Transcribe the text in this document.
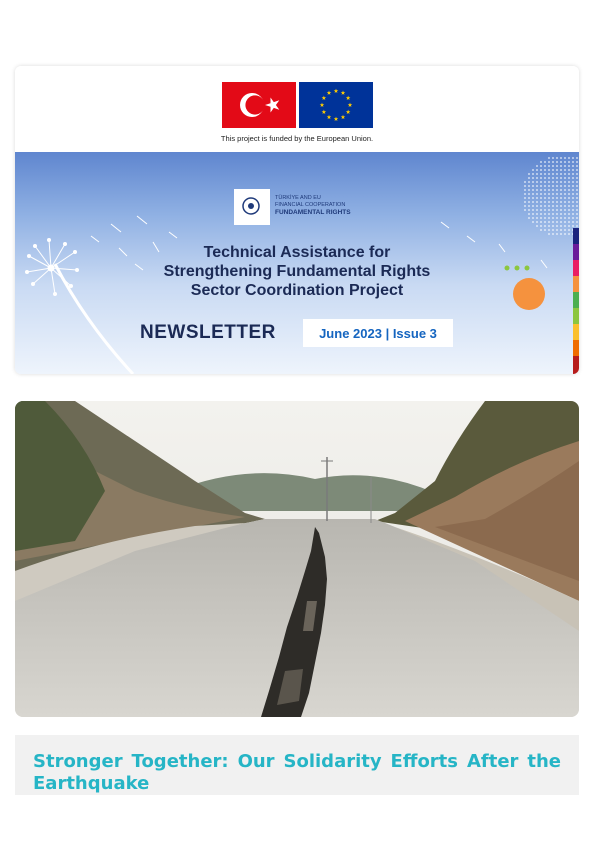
This project is funded by the European Union.
TÜRKİYE AND EU
FINANCIAL COOPERATION
FUNDAMENTAL RIGHTS
Technical Assistance for
Strengthening Fundamental Rights
Sector Coordination Project
NEWSLETTER	June 2023 | Issue 3

Stronger Together: Our Solidarity Efforts After the Earthquake
